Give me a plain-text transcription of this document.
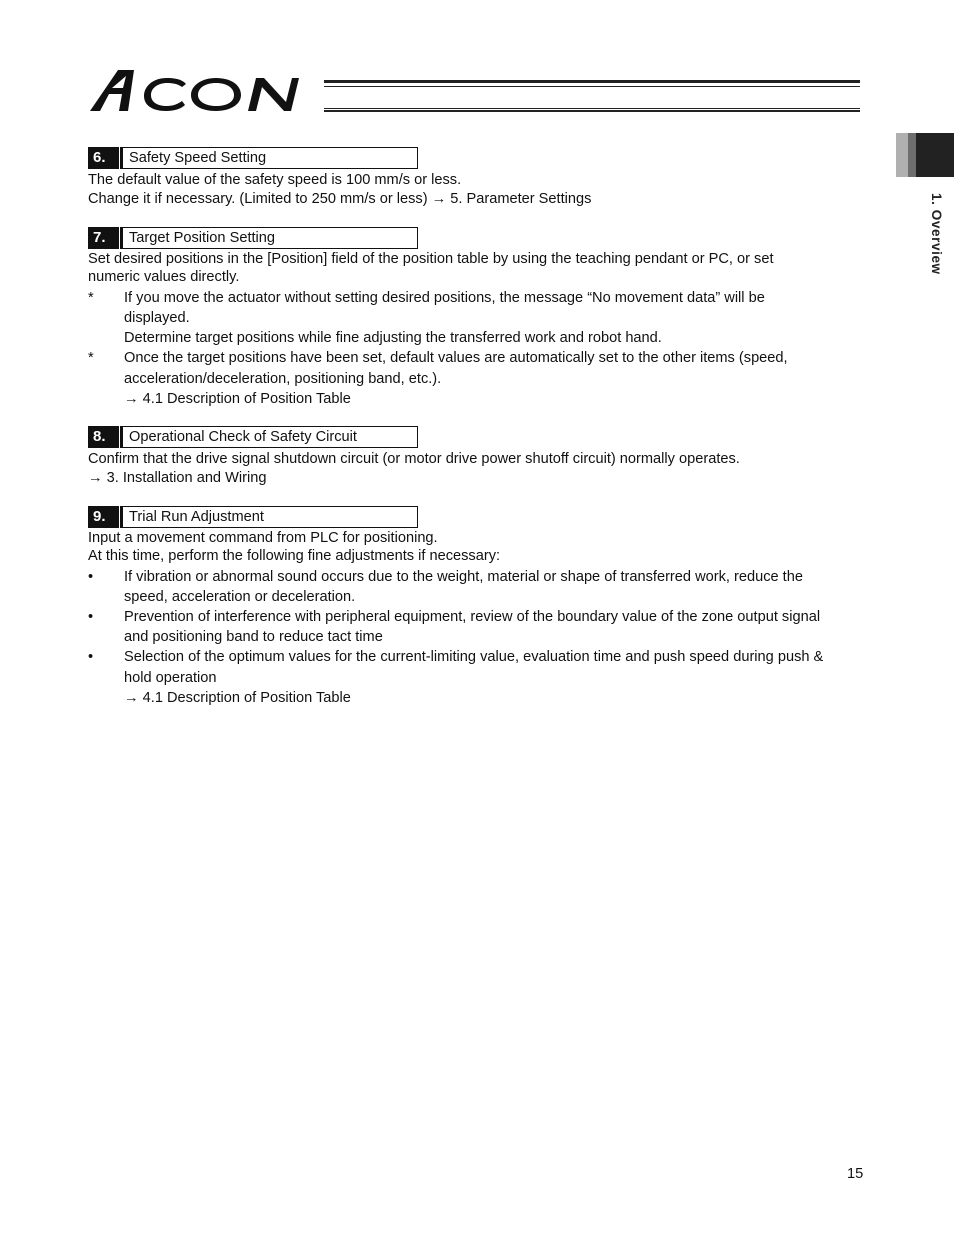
1. Overview
6.	Safety Speed Setting
The default value of the safety speed is 100 mm/s or less.
Change it if necessary. (Limited to 250 mm/s or less) → 5. Parameter Settings
7.	Target Position Setting
Set desired positions in the [Position] field of the position table by using the teaching pendant or PC, or set
numeric values directly.
* If you move the actuator without setting desired positions, the message “No movement data” will be
displayed.
Determine target positions while fine adjusting the transferred work and robot hand.
* Once the target positions have been set, default values are automatically set to the other items (speed,
acceleration/deceleration, positioning band, etc.).
→ 4.1 Description of Position Table
8.	Operational Check of Safety Circuit
Confirm that the drive signal shutdown circuit (or motor drive power shutoff circuit) normally operates.
→ 3. Installation and Wiring
9.	Trial Run Adjustment
Input a movement command from PLC for positioning.
At this time, perform the following fine adjustments if necessary:
• If vibration or abnormal sound occurs due to the weight, material or shape of transferred work, reduce the
speed, acceleration or deceleration.
• Prevention of interference with peripheral equipment, review of the boundary value of the zone output signal
and positioning band to reduce tact time
• Selection of the optimum values for the current-limiting value, evaluation time and push speed during push &
hold operation
→ 4.1 Description of Position Table
15
